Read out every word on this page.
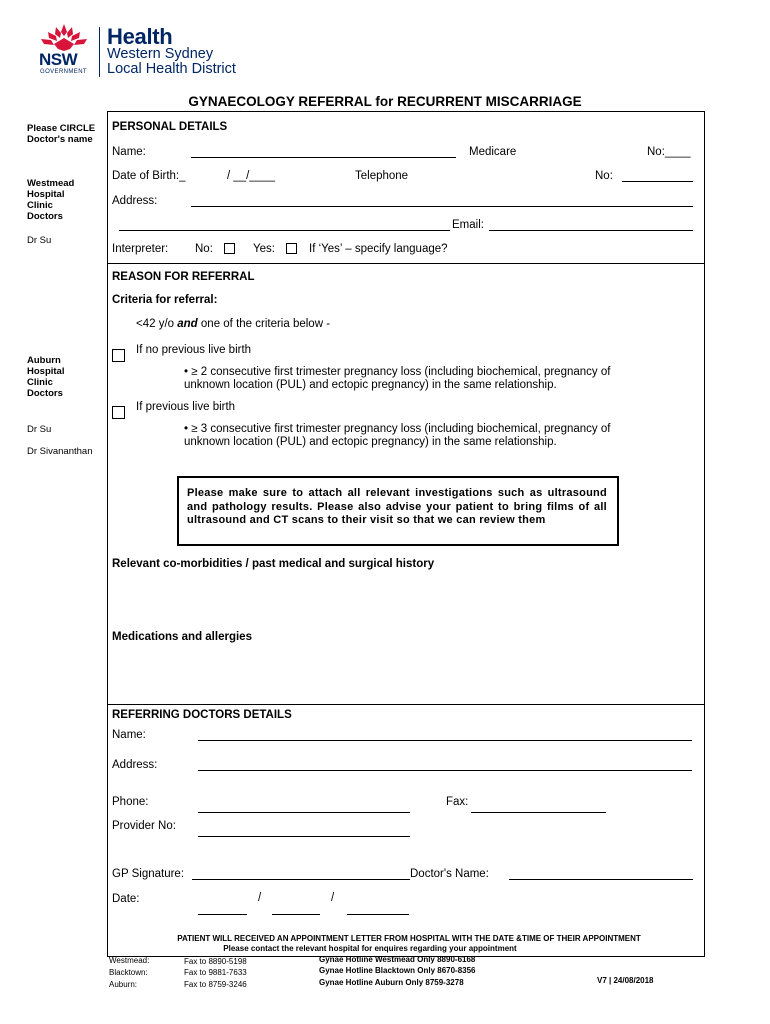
NSW
GOVERNMENT
Health
Western Sydney
Local Health District
GYNAECOLOGY REFERRAL for RECURRENT MISCARRIAGE
Please CIRCLE
Doctor's name
Westmead
Hospital
Clinic
Doctors
Dr Su
Auburn
Hospital
Clinic
Doctors
Dr Su
Dr Sivananthan
PERSONAL DETAILS
Name:	Medicare	No:____
Date of Birth:_	/ __/____	Telephone	No:
Address:
Email:
Interpreter: No:	Yes:	If ‘Yes’ – specify language?
REASON FOR REFERRAL
Criteria for referral:
<42 y/o and one of the criteria below -
If no previous live birth
• ≥ 2 consecutive first trimester pregnancy loss (including biochemical, pregnancy of
unknown location (PUL) and ectopic pregnancy) in the same relationship.
If previous live birth
• ≥ 3 consecutive first trimester pregnancy loss (including biochemical, pregnancy of
unknown location (PUL) and ectopic pregnancy) in the same relationship.
Please make sure to attach all relevant investigations such as ultrasound and pathology results. Please also advise your patient to bring films of all ultrasound and CT scans to their visit so that we can review them
Relevant co-morbidities / past medical and surgical history
Medications and allergies
REFERRING DOCTORS DETAILS
Name:
Address:
Phone:	Fax:
Provider No:
GP Signature:	Doctor's Name:
Date:	/	/
PATIENT WILL RECEIVED AN APPOINTMENT LETTER FROM HOSPITAL WITH THE DATE &TIME OF THEIR APPOINTMENT
Please contact the relevant hospital for enquires regarding your appointment
Westmead:	Fax to 8890-5198	Gynae Hotline Westmead Only 8890-6168
Blacktown:	Fax to 9881-7633	Gynae Hotline Blacktown Only 8670-8356
Auburn:	Fax to 8759-3246	Gynae Hotline Auburn Only 8759-3278	V7 | 24/08/2018
